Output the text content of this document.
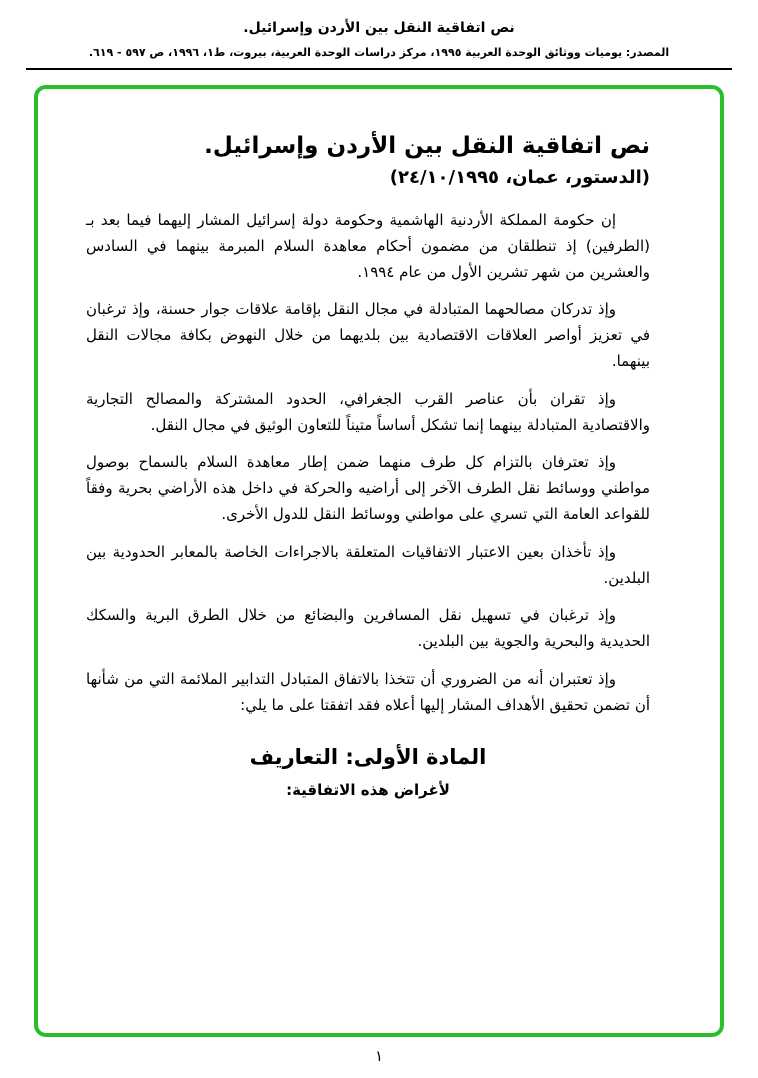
نص اتفاقية النقل بين الأردن وإسرائيل.
المصدر: يوميات ووثائق الوحدة العربية ١٩٩٥، مركز دراسات الوحدة العربية، بيروت، ط١، ١٩٩٦، ص ٥٩٧ - ٦١٩.
نص اتفاقية النقل بين الأردن وإسرائيل.
(الدستور، عمان، ٢٤/١٠/١٩٩٥)

إن حكومة المملكة الأردنية الهاشمية وحكومة دولة إسرائيل المشار إليهما فيما بعد بـ (الطرفين) إذ تنطلقان من مضمون أحكام معاهدة السلام المبرمة بينهما في السادس والعشرين من شهر تشرين الأول من عام ١٩٩٤.

وإذ تدركان مصالحهما المتبادلة في مجال النقل بإقامة علاقات جوار حسنة، وإذ ترغبان في تعزيز أواصر العلاقات الاقتصادية بين بلديهما من خلال النهوض بكافة مجالات النقل بينهما.

وإذ تقران بأن عناصر القرب الجغرافي، الحدود المشتركة والمصالح التجارية والاقتصادية المتبادلة بينهما إنما تشكل أساساً متيناً للتعاون الوثيق في مجال النقل.

وإذ تعترفان بالتزام كل طرف منهما ضمن إطار معاهدة السلام بالسماح بوصول مواطني ووسائط نقل الطرف الآخر إلى أراضيه والحركة في داخل هذه الأراضي بحرية وفقاً للقواعد العامة التي تسري على مواطني ووسائط النقل للدول الأخرى.

وإذ تأخذان بعين الاعتبار الاتفاقيات المتعلقة بالاجراءات الخاصة بالمعابر الحدودية بين البلدين.

وإذ ترغبان في تسهيل نقل المسافرين والبضائع من خلال الطرق البرية والسكك الحديدية والبحرية والجوية بين البلدين.

وإذ تعتبران أنه من الضروري أن تتخذا بالاتفاق المتبادل التدابير الملائمة التي من شأنها أن تضمن تحقيق الأهداف المشار إليها أعلاه فقد اتفقتا على ما يلي:

المادة الأولى: التعاريف
لأغراض هذه الاتفاقية:
١
